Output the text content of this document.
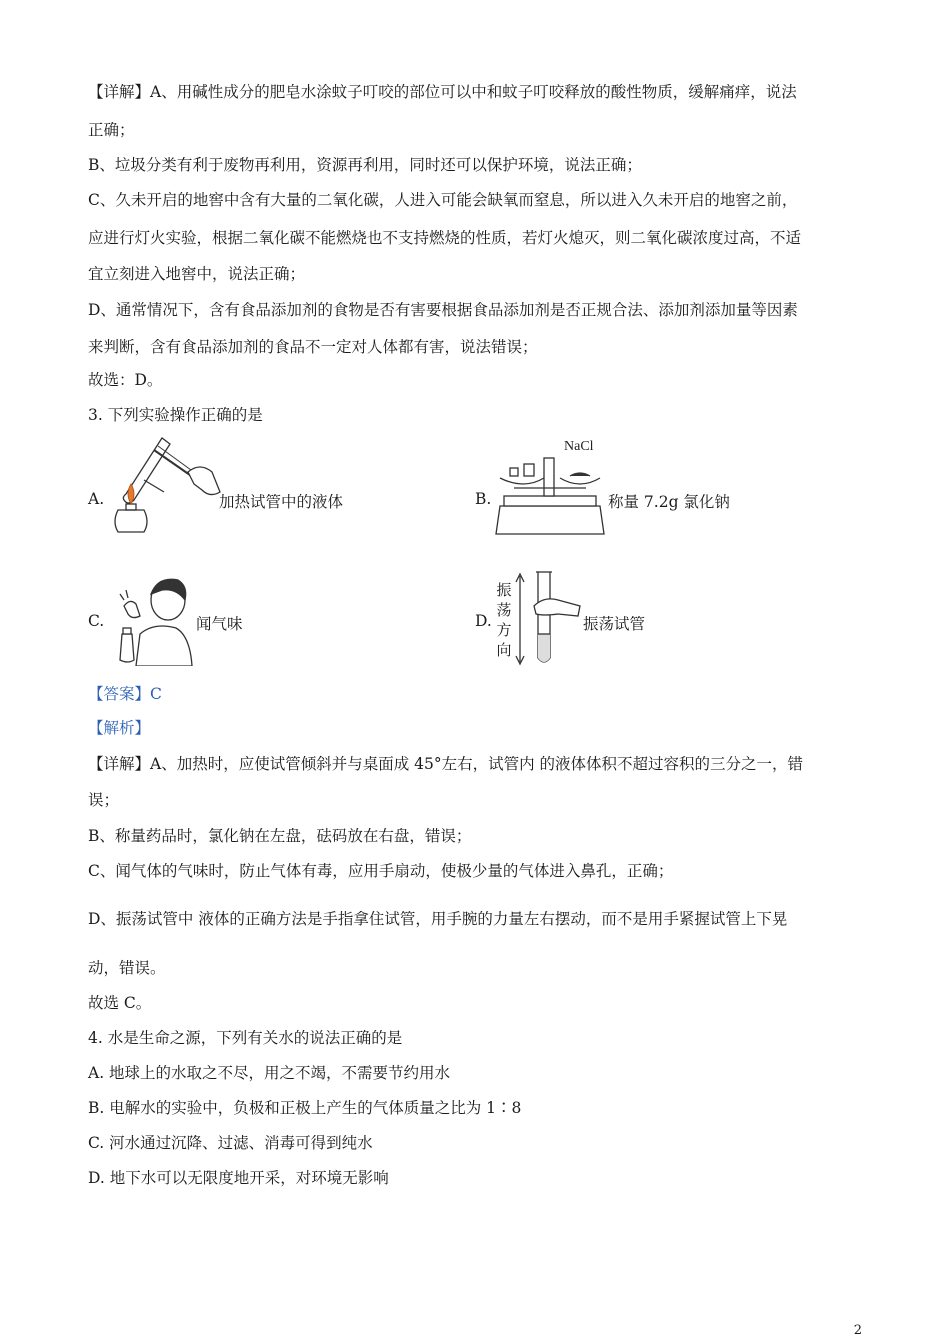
【详解】A、用碱性成分的肥皂水涂蚊子叮咬的部位可以中和蚊子叮咬释放的酸性物质，缓解痛痒，说法
正确；
B、垃圾分类有利于废物再利用，资源再利用，同时还可以保护环境，说法正确；
C、久未开启的地窖中含有大量的二氧化碳，人进入可能会缺氧而窒息，所以进入久未开启的地窖之前，
应进行灯火实验，根据二氧化碳不能燃烧也不支持燃烧的性质，若灯火熄灭，则二氧化碳浓度过高，不适
宜立刻进入地窖中，说法正确；
D、通常情况下，含有食品添加剂的食物是否有害要根据食品添加剂是否正规合法、添加剂添加量等因素
来判断，含有食品添加剂的食品不一定对人体都有害，说法错误；
故选：D。
3. 下列实验操作正确的是
A.	加热试管中的液体	B.
NaCl
称量 7.2g 氯化钠
C.	闻气味	D.
振
荡
方
向
振荡试管
【答案】C
【解析】
【详解】A、加热时，应使试管倾斜并与桌面成 45°左右，试管内 的液体体积不超过容积的三分之一，错
误；
B、称量药品时，氯化钠在左盘，砝码放在右盘，错误；
C、闻气体的气味时，防止气体有毒，应用手扇动，使极少量的气体进入鼻孔，正确；
D、振荡试管中 液体的正确方法是手指拿住试管，用手腕的力量左右摆动，而不是用手紧握试管上下晃
动，错误。
故选 C。
4. 水是生命之源，下列有关水的说法正确的是
A. 地球上的水取之不尽，用之不竭，不需要节约用水
B. 电解水的实验中，负极和正极上产生的气体质量之比为 1∶8
C. 河水通过沉降、过滤、消毒可得到纯水
D. 地下水可以无限度地开采，对环境无影响
2
